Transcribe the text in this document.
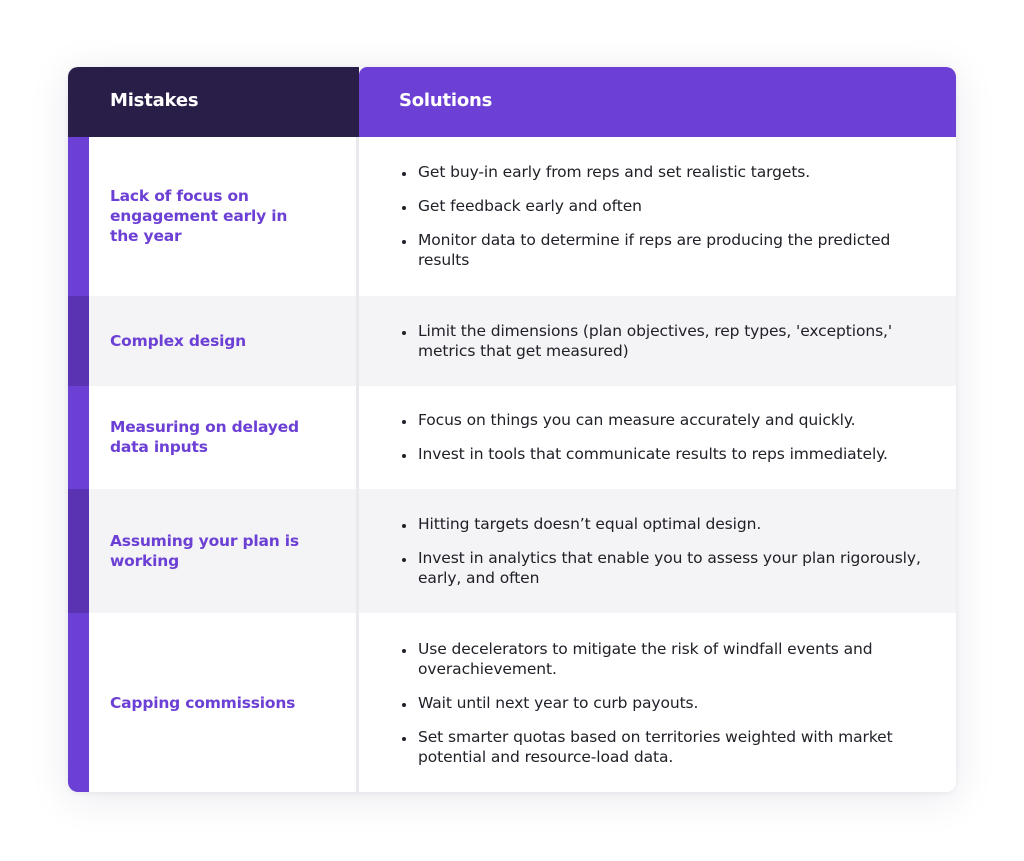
Mistakes	Solutions
Lack of focus on engagement early in the year
• Get buy-in early from reps and set realistic targets.
• Get feedback early and often
• Monitor data to determine if reps are producing the predicted results
Complex design
• Limit the dimensions (plan objectives, rep types, 'exceptions,' metrics that get measured)
Measuring on delayed data inputs
• Focus on things you can measure accurately and quickly.
• Invest in tools that communicate results to reps immediately.
Assuming your plan is working
• Hitting targets doesn’t equal optimal design.
• Invest in analytics that enable you to assess your plan rigorously, early, and often
Capping commissions
• Use decelerators to mitigate the risk of windfall events and overachievement.
• Wait until next year to curb payouts.
• Set smarter quotas based on territories weighted with market potential and resource-load data.
